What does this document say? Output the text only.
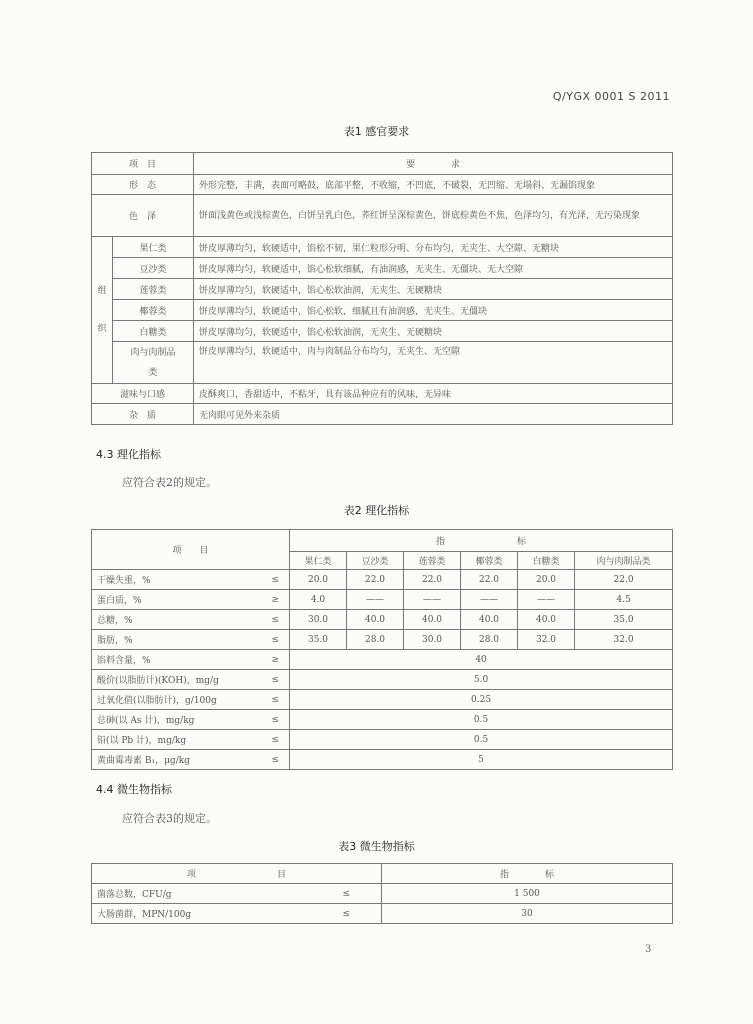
Q/YGX 0001 S 2011
表1 感官要求
项　目		要　　　　求
形　态		外形完整，丰满，表面可略鼓，底部平整，不收缩，不凹底，不破裂，无凹缩、无塌斜、无漏馅现象
色　泽		饼面浅黄色或浅棕黄色，白饼呈乳白色，荞红饼呈深棕黄色，饼底棕黄色不焦，色泽均匀，有光泽，无污染现象
组　　织	果仁类	饼皮厚薄均匀，软硬适中，馅松不韧，果仁粒形分明、分布均匀，无夹生、大空隙、无糖块
	豆沙类	饼皮厚薄均匀，软硬适中，馅心松软细腻，有油润感，无夹生、无僵块、无大空隙
	莲蓉类	饼皮厚薄均匀，软硬适中，馅心松软油润，无夹生、无硬糖块
	椰蓉类	饼皮厚薄均匀，软硬适中，馅心松软，细腻且有油润感，无夹生、无僵块
	白糖类	饼皮厚薄均匀，软硬适中，馅心松软油润，无夹生、无硬糖块
	肉与肉制品类	饼皮厚薄均匀，软硬适中，肉与肉制品分布均匀，无夹生、无空隙
滋味与口感		皮酥爽口，香甜适中，不粘牙，具有该品种应有的风味，无异味
杂　质		无肉眼可见外来杂质
4.3 理化指标
应符合表2的规定。
表2 理化指标
项　　目		指　　　　　　　　标					
		果仁类	豆沙类	莲蓉类	椰蓉类	白糖类	肉与肉制品类
干燥失重，%	≤	20.0	22.0	22.0	22.0	20.0	22.0
蛋白质，%	≥	4.0	——	——	——	——	4.5
总糖，%	≤	30.0	40.0	40.0	40.0	40.0	35.0
脂肪，%	≤	35.0	28.0	30.0	28.0	32.0	32.0
馅料含量，%	≥	40					
酸价(以脂肪计)(KOH)，mg/g	≤	5.0					
过氧化值(以脂肪计)，g/100g	≤	0.25					
总砷(以 As 计)，mg/kg	≤	0.5					
铅(以 Pb 计)，mg/kg	≤	0.5					
黄曲霉毒素 B₁，μg/kg	≤	5					
4.4 微生物指标
应符合表3的规定。
表3 微生物指标
项　　　　　　　　　目		指　　　　标
菌落总数，CFU/g	≤	1 500
大肠菌群，MPN/100g	≤	30
3
